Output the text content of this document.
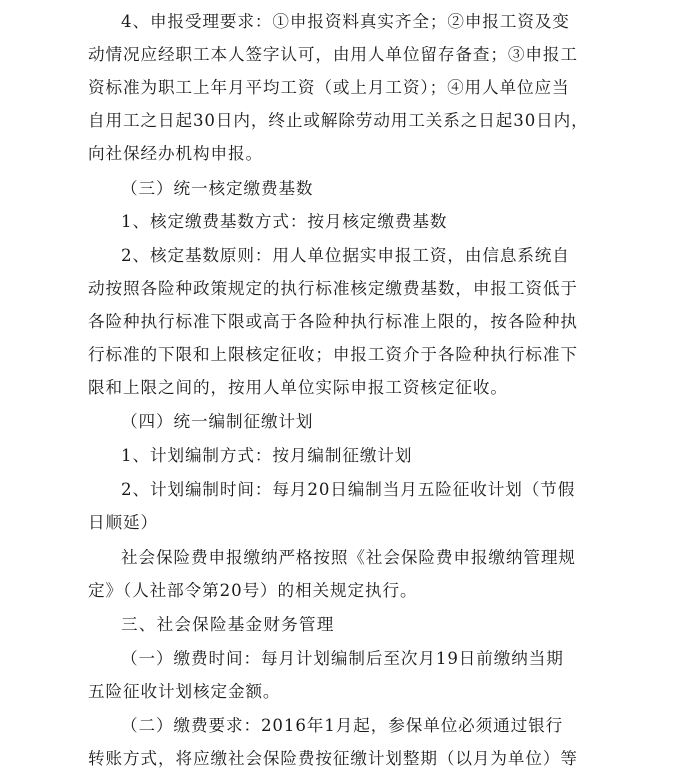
4、申报受理要求：①申报资料真实齐全；②申报工资及变
动情况应经职工本人签字认可，由用人单位留存备查；③申报工
资标准为职工上年月平均工资（或上月工资）；④用人单位应当
自用工之日起30日内，终止或解除劳动用工关系之日起30日内，
向社保经办机构申报。
（三）统一核定缴费基数
1、核定缴费基数方式：按月核定缴费基数
2、核定基数原则：用人单位据实申报工资，由信息系统自
动按照各险种政策规定的执行标准核定缴费基数，申报工资低于
各险种执行标准下限或高于各险种执行标准上限的，按各险种执
行标准的下限和上限核定征收；申报工资介于各险种执行标准下
限和上限之间的，按用人单位实际申报工资核定征收。
（四）统一编制征缴计划
1、计划编制方式：按月编制征缴计划
2、计划编制时间：每月20日编制当月五险征收计划（节假
日顺延）
社会保险费申报缴纳严格按照《社会保险费申报缴纳管理规
定》（人社部令第20号）的相关规定执行。
三、社会保险基金财务管理
（一）缴费时间：每月计划编制后至次月19日前缴纳当期
五险征收计划核定金额。
（二）缴费要求：2016年1月起，参保单位必须通过银行
转账方式，将应缴社会保险费按征缴计划整期（以月为单位）等
